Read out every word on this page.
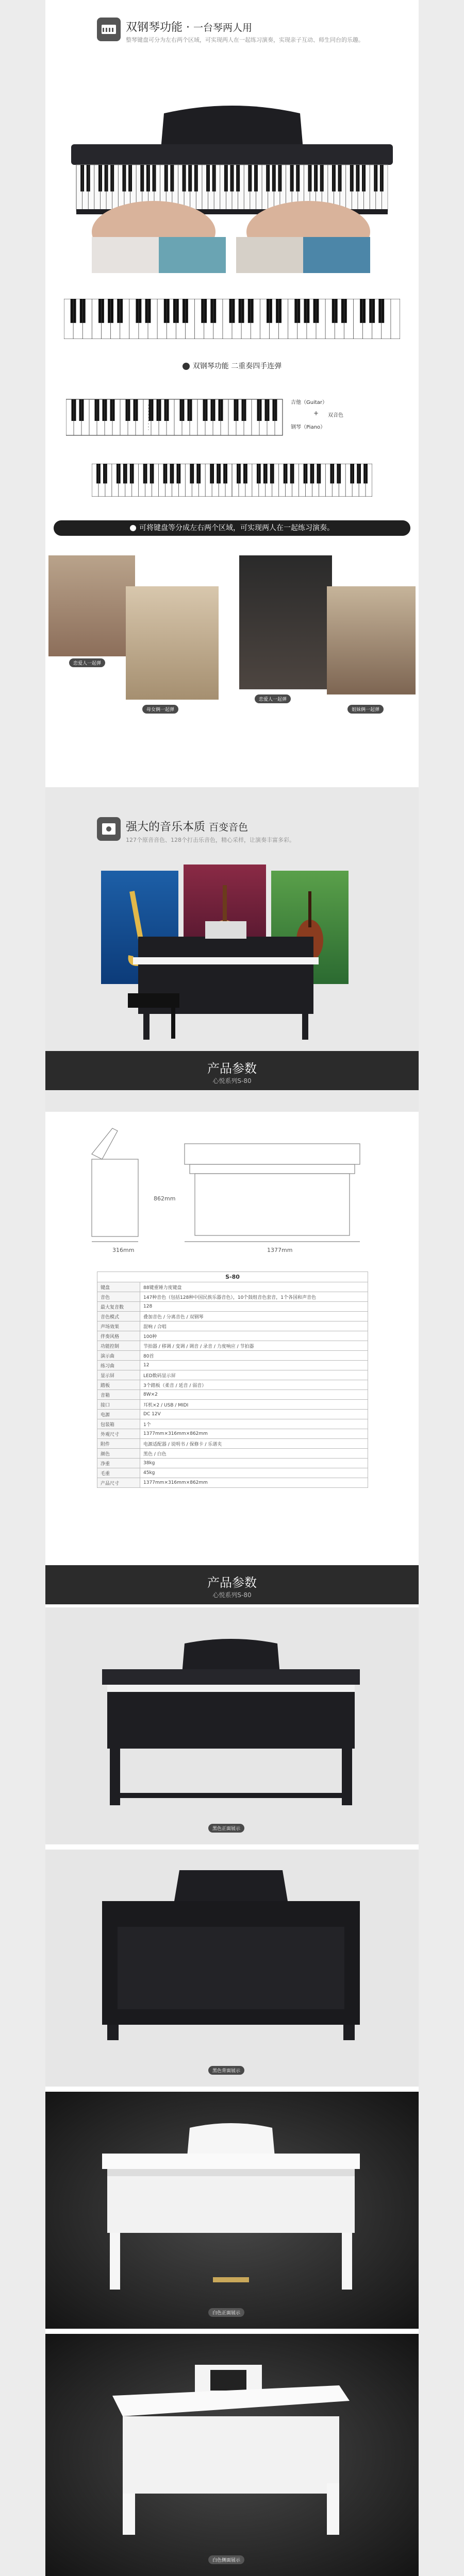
双钢琴功能 · 一台琴两人用
整琴键盘可分为左右两个区域，可实现两人在一起练习演奏，实现亲子互动、师生同台的乐趣。
双钢琴功能 二重奏四手连弹
吉他（Guitar）
+ 双音色
钢琴（Piano）
可将键盘等分成左右两个区域，可实现两人在一起练习演奏。
恋爱人一起弹
母女俩一起弹
恋爱人一起弹
姐妹俩一起弹
强大的音乐本质 百变音色
127个原音音色、128个打击乐音色，精心采样，让演奏丰富多彩。
产品参数
心悦系列S-80
862mm
316mm	1377mm
S-80
键盘	88键重锤力度键盘
音色	147种音色（包括128种中国民族乐器音色），10个鼓组音色套音，1个各国和声音色
最大复音数	128
音色模式	叠加音色 / 分离音色 / 双钢琴
声场效果	混响 / 合唱
伴奏风格	100种
功能控制	节拍器 / 移调 / 变调 / 调音 / 录音 / 力度响应 / 节拍器
演示曲	80首
练习曲	12
显示屏	LED数码显示屏
踏板	3个踏板（柔音 / 延音 / 弱音）
音箱	8W×2
接口	耳机×2 / USB / MIDI
电源	DC 12V
包装箱	1个
外观尺寸	1377mm×316mm×862mm
附件	电源适配器 / 说明书 / 保修卡 / 乐谱夹
颜色	黑色 / 白色
净重	38kg
毛重	45kg
产品尺寸	1377mm×316mm×862mm
产品参数
心悦系列S-80
黑色正面展示
黑色背面展示
白色正面展示
白色侧面展示
